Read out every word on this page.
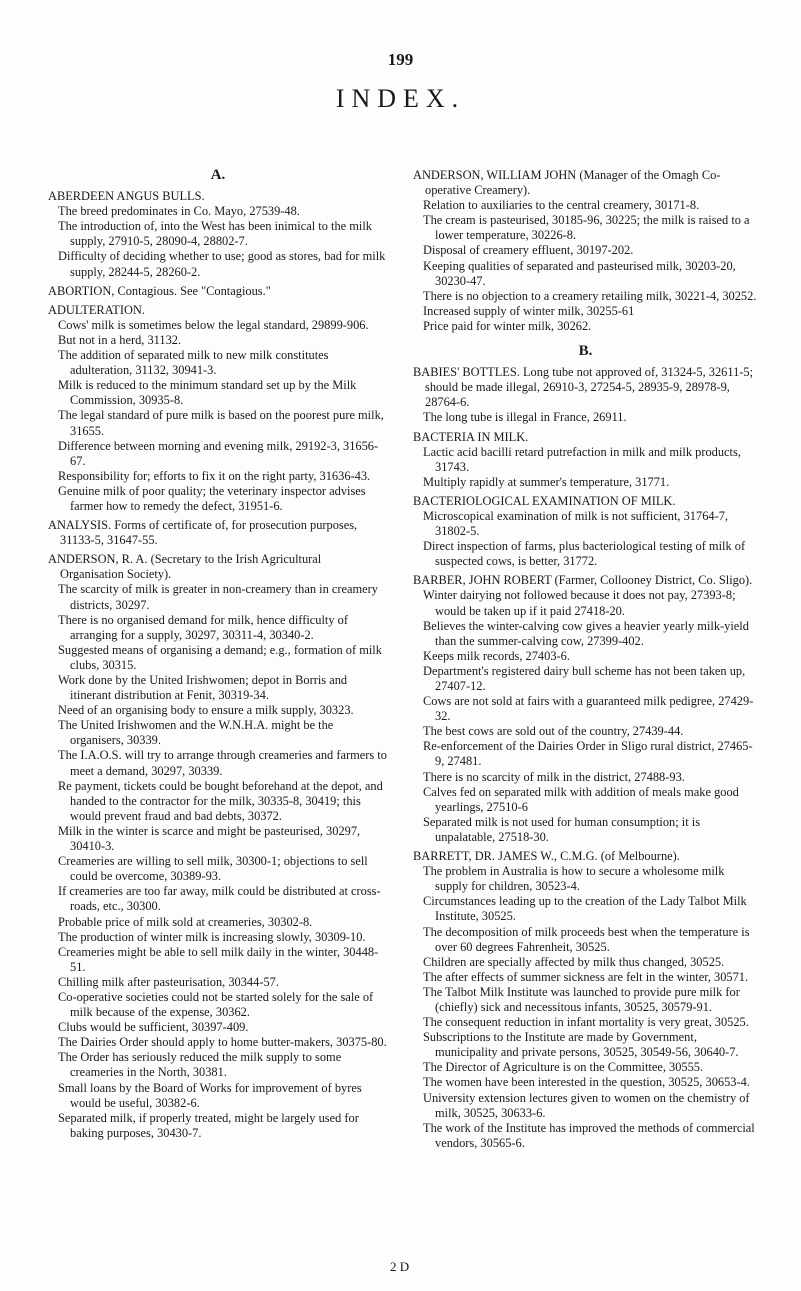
199
INDEX.
A.
ABERDEEN ANGUS BULLS.
The breed predominates in Co. Mayo, 27539-48.
The introduction of, into the West has been inimical to the milk supply, 27910-5, 28090-4, 28802-7.
Difficulty of deciding whether to use; good as stores, bad for milk supply, 28244-5, 28260-2.
ABORTION, Contagious. See "Contagious."
ADULTERATION.
Cows' milk is sometimes below the legal standard, 29899-906.
But not in a herd, 31132.
The addition of separated milk to new milk constitutes adulteration, 31132, 30941-3.
Milk is reduced to the minimum standard set up by the Milk Commission, 30935-8.
The legal standard of pure milk is based on the poorest pure milk, 31655.
Difference between morning and evening milk, 29192-3, 31656-67.
Responsibility for; efforts to fix it on the right party, 31636-43.
Genuine milk of poor quality; the veterinary inspector advises farmer how to remedy the defect, 31951-6.
ANALYSIS. Forms of certificate of, for prosecution purposes, 31133-5, 31647-55.
ANDERSON, R. A. (Secretary to the Irish Agricultural Organisation Society).
The scarcity of milk is greater in non-creamery than in creamery districts, 30297.
There is no organised demand for milk, hence difficulty of arranging for a supply, 30297, 30311-4, 30340-2.
Suggested means of organising a demand; e.g., formation of milk clubs, 30315.
Work done by the United Irishwomen; depot in Borris and itinerant distribution at Fenit, 30319-34.
Need of an organising body to ensure a milk supply, 30323.
The United Irishwomen and the W.N.H.A. might be the organisers, 30339.
The I.A.O.S. will try to arrange through creameries and farmers to meet a demand, 30297, 30339.
Re payment, tickets could be bought beforehand at the depot, and handed to the contractor for the milk, 30335-8, 30419; this would prevent fraud and bad debts, 30372.
Milk in the winter is scarce and might be pasteurised, 30297, 30410-3.
Creameries are willing to sell milk, 30300-1; objections to sell could be overcome, 30389-93.
If creameries are too far away, milk could be distributed at cross-roads, etc., 30300.
Probable price of milk sold at creameries, 30302-8.
The production of winter milk is increasing slowly, 30309-10.
Creameries might be able to sell milk daily in the winter, 30448-51.
Chilling milk after pasteurisation, 30344-57.
Co-operative societies could not be started solely for the sale of milk because of the expense, 30362.
Clubs would be sufficient, 30397-409.
The Dairies Order should apply to home butter-makers, 30375-80.
The Order has seriously reduced the milk supply to some creameries in the North, 30381.
Small loans by the Board of Works for improvement of byres would be useful, 30382-6.
Separated milk, if properly treated, might be largely used for baking purposes, 30430-7.
ANDERSON, WILLIAM JOHN (Manager of the Omagh Co-operative Creamery).
Relation to auxiliaries to the central creamery, 30171-8.
The cream is pasteurised, 30185-96, 30225; the milk is raised to a lower temperature, 30226-8.
Disposal of creamery effluent, 30197-202.
Keeping qualities of separated and pasteurised milk, 30203-20, 30230-47.
There is no objection to a creamery retailing milk, 30221-4, 30252.
Increased supply of winter milk, 30255-61
Price paid for winter milk, 30262.
B.
BABIES' BOTTLES. Long tube not approved of, 31324-5, 32611-5; should be made illegal, 26910-3, 27254-5, 28935-9, 28978-9, 28764-6.
The long tube is illegal in France, 26911.
BACTERIA IN MILK.
Lactic acid bacilli retard putrefaction in milk and milk products, 31743.
Multiply rapidly at summer's temperature, 31771.
BACTERIOLOGICAL EXAMINATION OF MILK.
Microscopical examination of milk is not sufficient, 31764-7, 31802-5.
Direct inspection of farms, plus bacteriological testing of milk of suspected cows, is better, 31772.
BARBER, JOHN ROBERT (Farmer, Collooney District, Co. Sligo).
Winter dairying not followed because it does not pay, 27393-8; would be taken up if it paid 27418-20.
Believes the winter-calving cow gives a heavier yearly milk-yield than the summer-calving cow, 27399-402.
Keeps milk records, 27403-6.
Department's registered dairy bull scheme has not been taken up, 27407-12.
Cows are not sold at fairs with a guaranteed milk pedigree, 27429-32.
The best cows are sold out of the country, 27439-44.
Re-enforcement of the Dairies Order in Sligo rural district, 27465-9, 27481.
There is no scarcity of milk in the district, 27488-93.
Calves fed on separated milk with addition of meals make good yearlings, 27510-6
Separated milk is not used for human consumption; it is unpalatable, 27518-30.
BARRETT, DR. JAMES W., C.M.G. (of Melbourne).
The problem in Australia is how to secure a wholesome milk supply for children, 30523-4.
Circumstances leading up to the creation of the Lady Talbot Milk Institute, 30525.
The decomposition of milk proceeds best when the temperature is over 60 degrees Fahrenheit, 30525.
Children are specially affected by milk thus changed, 30525.
The after effects of summer sickness are felt in the winter, 30571.
The Talbot Milk Institute was launched to provide pure milk for (chiefly) sick and necessitous infants, 30525, 30579-91.
The consequent reduction in infant mortality is very great, 30525.
Subscriptions to the Institute are made by Government, municipality and private persons, 30525, 30549-56, 30640-7.
The Director of Agriculture is on the Committee, 30555.
The women have been interested in the question, 30525, 30653-4.
University extension lectures given to women on the chemistry of milk, 30525, 30633-6.
The work of the Institute has improved the methods of commercial vendors, 30565-6.
2 D
